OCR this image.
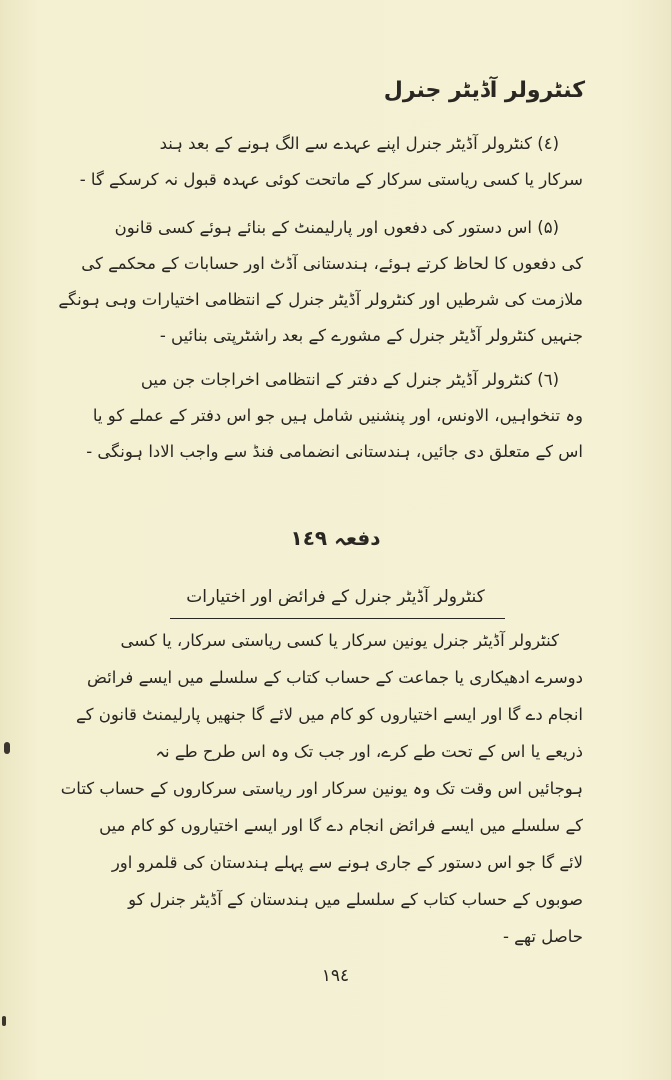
کنٹرولر آڈیٹر جنرل
(٤) کنٹرولر آڈیٹر جنرل اپنے عہدے سے الگ ہونے کے بعد ہند
سرکار یا کسی ریاستی سرکار کے ماتحت کوئی عہدہ قبول نہ کرسکے گا -
(۵) اس دستور کی دفعوں اور پارلیمنٹ کے بنائے ہوئے کسی قانون
کی دفعوں کا لحاظ کرتے ہوئے، ہندستانی آڈٹ اور حسابات کے محکمے کی
ملازمت کی شرطیں اور کنٹرولر آڈیٹر جنرل کے انتظامی اختیارات وہی ہونگے
جنہیں کنٹرولر آڈیٹر جنرل کے مشورے کے بعد راشٹرپتی بنائیں -
(٦) کنٹرولر آڈیٹر جنرل کے دفتر کے انتظامی اخراجات جن میں
وہ تنخواہیں، الاونس، اور پنشنیں شامل ہیں جو اس دفتر کے عملے کو یا
اس کے متعلق دی جائیں، ہندستانی انضمامی فنڈ سے واجب الادا ہونگی -
دفعہ ١٤٩
کنٹرولر آڈیٹر جنرل کے فرائض اور اختیارات
کنٹرولر آڈیٹر جنرل یونین سرکار یا کسی ریاستی سرکار، یا کسی
دوسرے ادھیکاری یا جماعت کے حساب کتاب کے سلسلے میں ایسے فرائض
انجام دے گا اور ایسے اختیاروں کو کام میں لائے گا جنھیں پارلیمنٹ قانون کے
ذریعے یا اس کے تحت طے کرے، اور جب تک وہ اس طرح طے نہ
ہوجائیں اس وقت تک وہ یونین سرکار اور ریاستی سرکاروں کے حساب کتات
کے سلسلے میں ایسے فرائض انجام دے گا اور ایسے اختیاروں کو کام میں
لائے گا جو اس دستور کے جاری ہونے سے پہلے ہندستان کی قلمرو اور
صوبوں کے حساب کتاب کے سلسلے میں ہندستان کے آڈیٹر جنرل کو
حاصل تھے -
١٩٤
